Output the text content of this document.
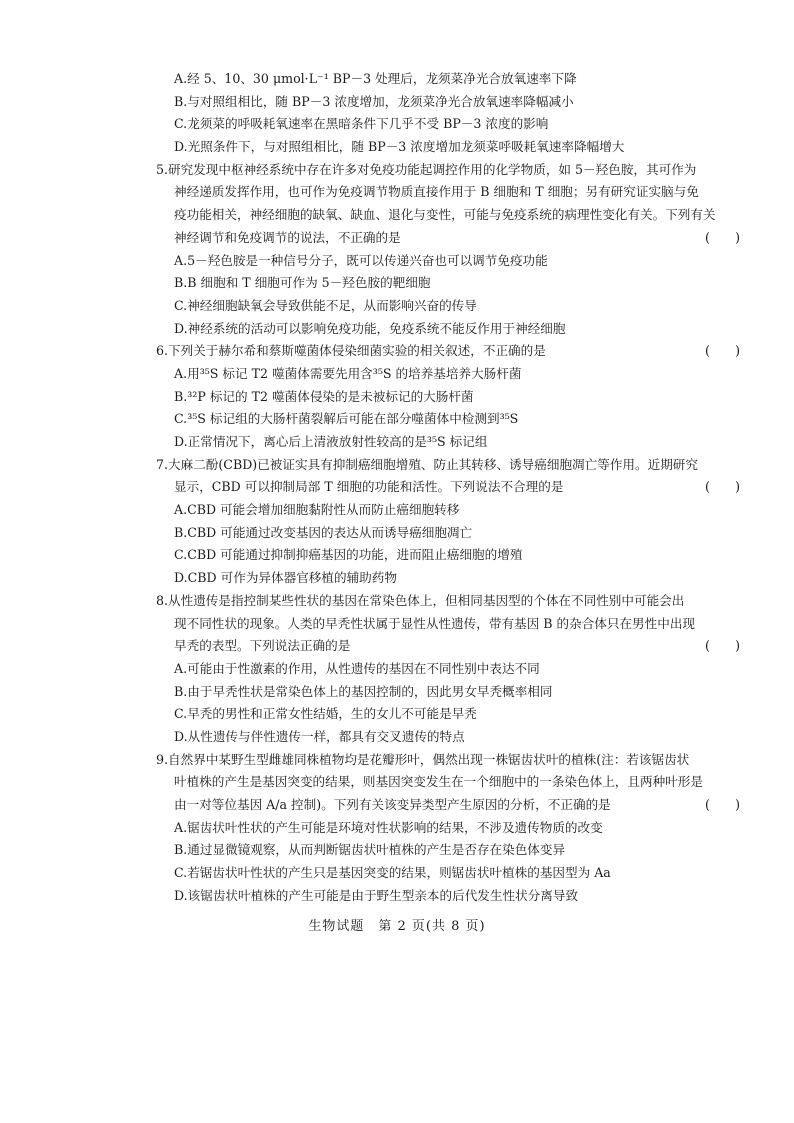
A.经 5、10、30 μmol·L⁻¹ BP－3 处理后，龙须菜净光合放氧速率下降
B.与对照组相比，随 BP－3 浓度增加，龙须菜净光合放氧速率降幅减小
C.龙须菜的呼吸耗氧速率在黑暗条件下几乎不受 BP－3 浓度的影响
D.光照条件下，与对照组相比，随 BP－3 浓度增加龙须菜呼吸耗氧速率降幅增大
5.研究发现中枢神经系统中存在许多对免疫功能起调控作用的化学物质，如 5－羟色胺，其可作为
神经递质发挥作用，也可作为免疫调节物质直接作用于 B 细胞和 T 细胞；另有研究证实脑与免
疫功能相关，神经细胞的缺氧、缺血、退化与变性，可能与免疫系统的病理性变化有关。下列有关
神经调节和免疫调节的说法，不正确的是	(　　)
A.5－羟色胺是一种信号分子，既可以传递兴奋也可以调节免疫功能
B.B 细胞和 T 细胞可作为 5－羟色胺的靶细胞
C.神经细胞缺氧会导致供能不足，从而影响兴奋的传导
D.神经系统的活动可以影响免疫功能，免疫系统不能反作用于神经细胞
6.下列关于赫尔希和蔡斯噬菌体侵染细菌实验的相关叙述，不正确的是	(　　)
A.用³⁵S 标记 T2 噬菌体需要先用含³⁵S 的培养基培养大肠杆菌
B.³²P 标记的 T2 噬菌体侵染的是未被标记的大肠杆菌
C.³⁵S 标记组的大肠杆菌裂解后可能在部分噬菌体中检测到³⁵S
D.正常情况下，离心后上清液放射性较高的是³⁵S 标记组
7.大麻二酚(CBD)已被证实具有抑制癌细胞增殖、防止其转移、诱导癌细胞凋亡等作用。近期研究
显示，CBD 可以抑制局部 T 细胞的功能和活性。下列说法不合理的是	(　　)
A.CBD 可能会增加细胞黏附性从而防止癌细胞转移
B.CBD 可能通过改变基因的表达从而诱导癌细胞凋亡
C.CBD 可能通过抑制抑癌基因的功能，进而阻止癌细胞的增殖
D.CBD 可作为异体器官移植的辅助药物
8.从性遗传是指控制某些性状的基因在常染色体上，但相同基因型的个体在不同性别中可能会出
现不同性状的现象。人类的早秃性状属于显性从性遗传，带有基因 B 的杂合体只在男性中出现
早秃的表型。下列说法正确的是	(　　)
A.可能由于性激素的作用，从性遗传的基因在不同性别中表达不同
B.由于早秃性状是常染色体上的基因控制的，因此男女早秃概率相同
C.早秃的男性和正常女性结婚，生的女儿不可能是早秃
D.从性遗传与伴性遗传一样，都具有交叉遗传的特点
9.自然界中某野生型雌雄同株植物均是花瓣形叶，偶然出现一株锯齿状叶的植株(注：若该锯齿状
叶植株的产生是基因突变的结果，则基因突变发生在一个细胞中的一条染色体上，且两种叶形是
由一对等位基因 A/a 控制)。下列有关该变异类型产生原因的分析，不正确的是	(　　)
A.锯齿状叶性状的产生可能是环境对性状影响的结果，不涉及遗传物质的改变
B.通过显微镜观察，从而判断锯齿状叶植株的产生是否存在染色体变异
C.若锯齿状叶性状的产生只是基因突变的结果，则锯齿状叶植株的基因型为 Aa
D.该锯齿状叶植株的产生可能是由于野生型亲本的后代发生性状分离导致
生物试题　第 2 页(共 8 页)
